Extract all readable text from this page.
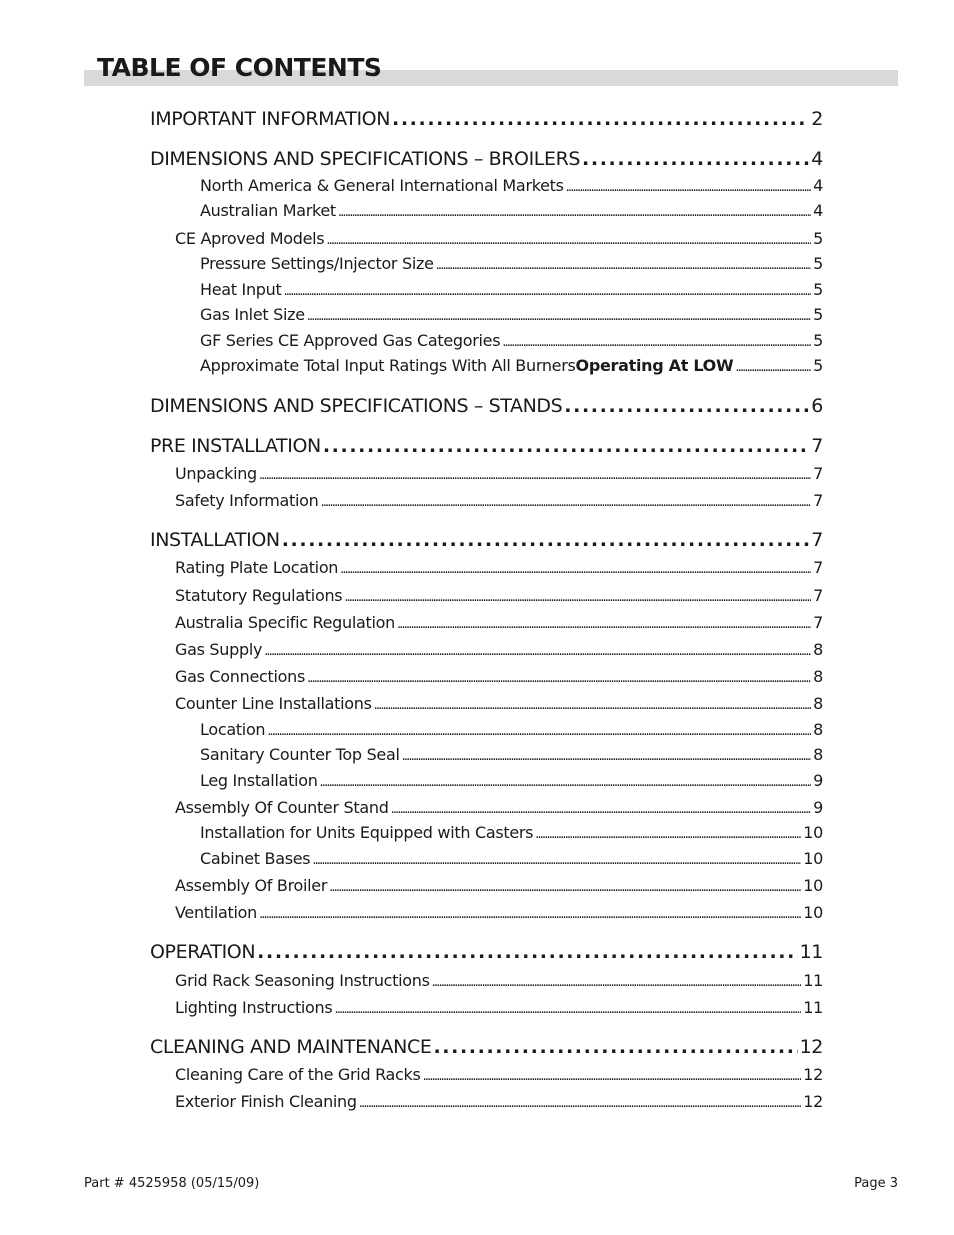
TABLE OF CONTENTS
IMPORTANT INFORMATION . . .	2
DIMENSIONS AND SPECIFICATIONS – BROILERS . . .	4
North America & General International Markets . . .	4
Australian Market . . .	4
CE Aproved Models . . .	5
Pressure Settings/Injector Size . . .	5
Heat Input . . .	5
Gas Inlet Size . . .	5
GF Series CE Approved Gas Categories . . .	5
Approximate Total Input Ratings With All Burners Operating At LOW . . .	5
DIMENSIONS AND SPECIFICATIONS – STANDS . . .	6
PRE INSTALLATION . . .	7
Unpacking . . .	7
Safety Information . . .	7
INSTALLATION . . .	7
Rating Plate Location . . .	7
Statutory Regulations . . .	7
Australia Specific Regulation . . .	7
Gas Supply . . .	8
Gas Connections . . .	8
Counter Line Installations . . .	8
Location . . .	8
Sanitary Counter Top Seal . . .	8
Leg Installation . . .	9
Assembly Of Counter Stand . . .	9
Installation for Units Equipped with Casters . . .	10
Cabinet Bases . . .	10
Assembly Of Broiler . . .	10
Ventilation . . .	10
OPERATION . . .	11
Grid Rack Seasoning Instructions . . .	11
Lighting Instructions . . .	11
CLEANING AND MAINTENANCE . . .	12
Cleaning Care of the Grid Racks . . .	12
Exterior Finish Cleaning . . .	12
Part # 4525958 (05/15/09)	Page 3
